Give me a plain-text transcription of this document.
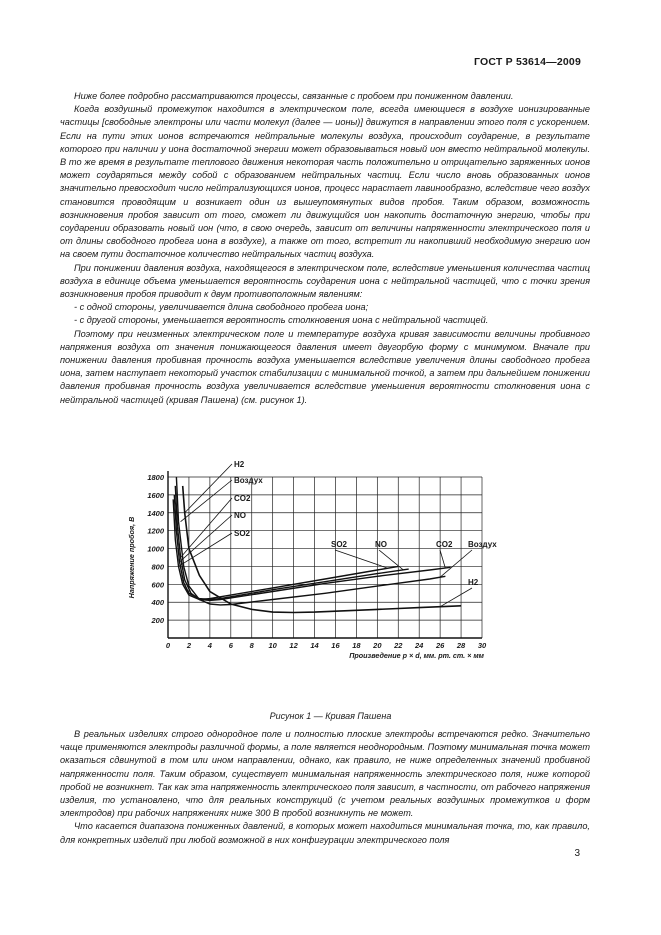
ГОСТ Р 53614—2009

Ниже более подробно рассматриваются процессы, связанные с пробоем при пониженном давлении.

Когда воздушный промежуток находится в электрическом поле, всегда имеющиеся в воздухе ионизированные частицы [свободные электроны или части молекул (далее — ионы)] движутся в направлении этого поля с ускорением. Если на пути этих ионов встречаются нейтральные молекулы воздуха, происходит соударение, в результате которого при наличии у иона достаточной энергии может образовываться новый ион вместо нейтральной молекулы. В то же время в результате теплового движения некоторая часть положительно и отрицательно заряженных ионов может соударяться между собой с образованием нейтральных частиц. Если число вновь образованных ионов значительно превосходит число нейтрализующихся ионов, процесс нарастает лавинообразно, вследствие чего воздух становится проводящим и возникает один из вышеупомянутых видов пробоя. Таким образом, возможность возникновения пробоя зависит от того, сможет ли движущийся ион накопить достаточную энергию, чтобы при соударении образовать новый ион (что, в свою очередь, зависит от величины напряженности электрического поля и от длины свободного пробега иона в воздухе), а также от того, встретит ли накопивший необходимую энергию ион на своем пути достаточное количество нейтральных частиц воздуха.

При понижении давления воздуха, находящегося в электрическом поле, вследствие уменьшения количества частиц воздуха в единице объема уменьшается вероятность соударения иона с нейтральной частицей, что с точки зрения возникновения пробоя приводит к двум противоположным явлениям:

- с одной стороны, увеличивается длина свободного пробега иона;

- с другой стороны, уменьшается вероятность столкновения иона с нейтральной частицей.

Поэтому при неизменных электрическом поле и температуре воздуха кривая зависимости величины пробивного напряжения воздуха от значения понижающегося давления имеет двугорбую форму с минимумом. Вначале при понижении давления пробивная прочность воздуха уменьшается вследствие увеличения длины свободного пробега иона, затем наступает некоторый участок стабилизации с минимальной точкой, а затем при дальнейшем понижении давления пробивная прочность воздуха увеличивается вследствие уменьшения вероятности столкновения иона с нейтральной частицей (кривая Пашена) (см. рисунок 1).

0 2 4 6 8 10 12 14 16 18 20 22 24 26 28 30
200
400
600
800
1000
1200
1400
1600
1800
Произведение p × d, мм. рт. ст. × мм
Напряжение пробоя, В
H2
Воздух
CO2
NO
SO2
SO2	NO	CO2 Воздух
H2
Рисунок 1 — Кривая Пашена

В реальных изделиях строго однородное поле и полностью плоские электроды встречаются редко. Значительно чаще применяются электроды различной формы, а поле является неоднородным. Поэтому минимальная точка может оказаться сдвинутой в том или ином направлении, однако, как правило, не ниже определенных значений пробивной напряженности поля. Таким образом, существует минимальная напряженность электрического поля, ниже которой пробой не возникнет. Так как эта напряженность электрического поля зависит, в частности, от рабочего напряжения изделия, то установлено, что для реальных конструкций (с учетом реальных воздушных промежутков и форм электродов) при рабочих напряжениях ниже 300 В пробой возникнуть не может.

Что касается диапазона пониженных давлений, в которых может находиться минимальная точка, то, как правило, для конкретных изделий при любой возможной в них конфигурации электрического поля

3
